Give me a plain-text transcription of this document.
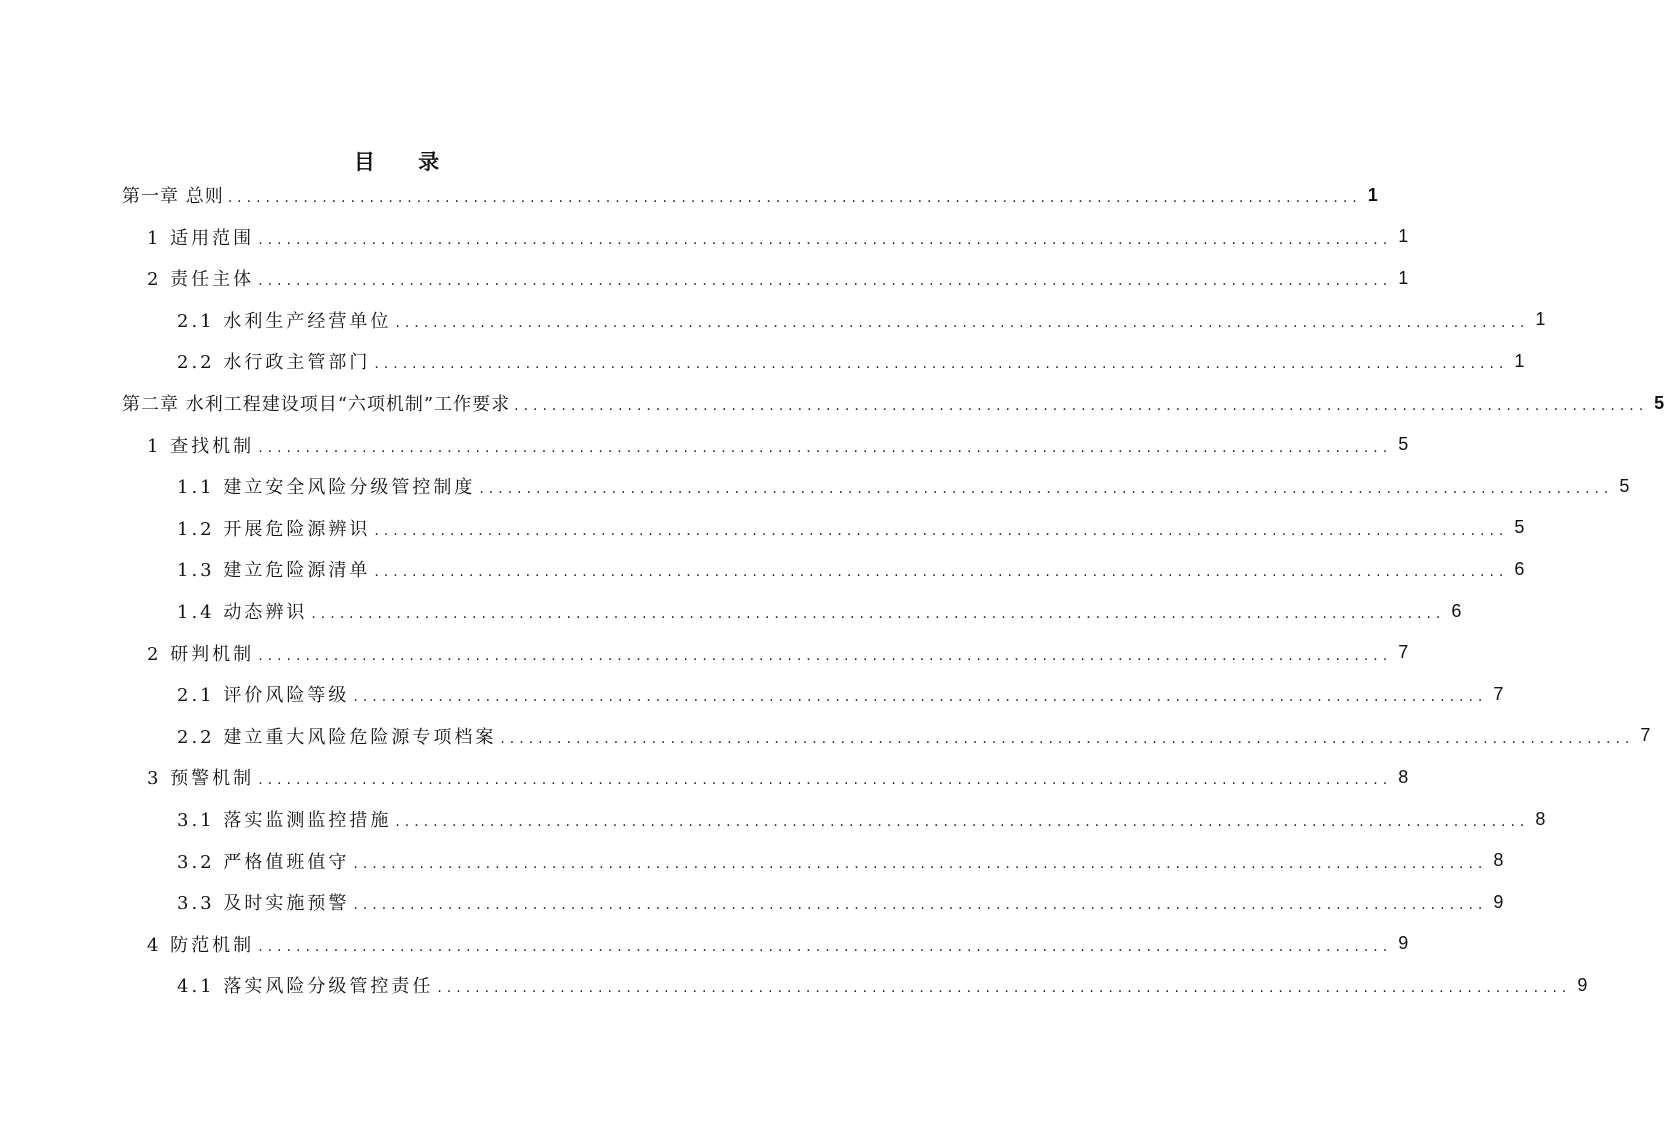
目 录
第一章 总则 ........................................................................................................................ 1
1 适用范围 ........................................................................................................................ 1
2 责任主体 ........................................................................................................................ 1
2.1 水利生产经营单位 ........................................................................................................................ 1
2.2 水行政主管部门 ........................................................................................................................ 1
第二章 水利工程建设项目“六项机制”工作要求 ........................................................................................................................ 5
1 查找机制 ........................................................................................................................ 5
1.1 建立安全风险分级管控制度 ........................................................................................................................ 5
1.2 开展危险源辨识 ........................................................................................................................ 5
1.3 建立危险源清单 ........................................................................................................................ 6
1.4 动态辨识 ........................................................................................................................ 6
2 研判机制 ........................................................................................................................ 7
2.1 评价风险等级 ........................................................................................................................ 7
2.2 建立重大风险危险源专项档案 ........................................................................................................................ 7
3 预警机制 ........................................................................................................................ 8
3.1 落实监测监控措施 ........................................................................................................................ 8
3.2 严格值班值守 ........................................................................................................................ 8
3.3 及时实施预警 ........................................................................................................................ 9
4 防范机制 ........................................................................................................................ 9
4.1 落实风险分级管控责任 ........................................................................................................................ 9
